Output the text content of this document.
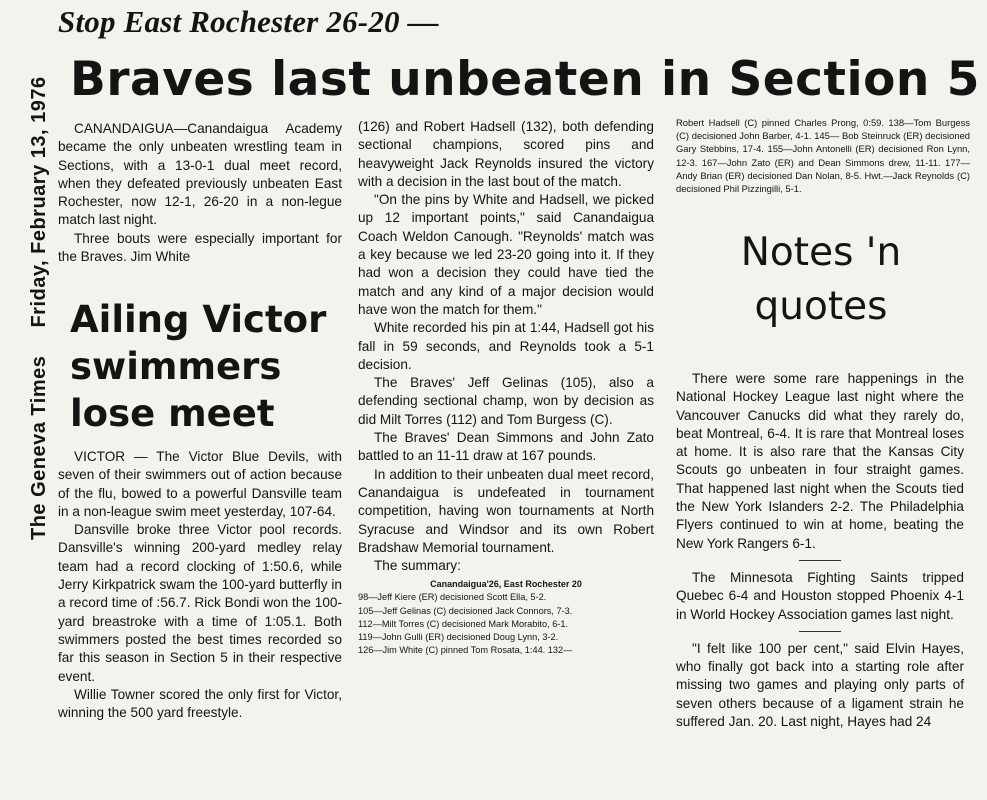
The Geneva Times Friday, February 13, 1976
Stop East Rochester 26-20 —
Braves last unbeaten in Section 5

CANANDAIGUA—Canandaigua Academy became the only unbeaten wrestling team in Sections, with a 13-0-1 dual meet record, when they defeated previously unbeaten East Rochester, now 12-1, 26-20 in a non-legue match last night.

Three bouts were especially important for the Braves. Jim White

Ailing Victor swimmers lose meet

VICTOR — The Victor Blue Devils, with seven of their swimmers out of action because of the flu, bowed to a powerful Dansville team in a non-league swim meet yesterday, 107-64.

Dansville broke three Victor pool records. Dansville's winning 200-yard medley relay team had a record clocking of 1:50.6, while Jerry Kirkpatrick swam the 100-yard butterfly in a record time of :56.7. Rick Bondi won the 100-yard breastroke with a time of 1:05.1. Both swimmers posted the best times recorded so far this season in Section 5 in their respective event.

Willie Towner scored the only first for Victor, winning the 500 yard freestyle.

(126) and Robert Hadsell (132), both defending sectional champions, scored pins and heavyweight Jack Reynolds insured the victory with a decision in the last bout of the match.

"On the pins by White and Hadsell, we picked up 12 important points," said Canandaigua Coach Weldon Canough. "Reynolds' match was a key because we led 23-20 going into it. If they had won a decision they could have tied the match and any kind of a major decision would have won the match for them."

White recorded his pin at 1:44, Hadsell got his fall in 59 seconds, and Reynolds took a 5-1 decision.

The Braves' Jeff Gelinas (105), also a defending sectional champ, won by decision as did Milt Torres (112) and Tom Burgess (C).

The Braves' Dean Simmons and John Zato battled to an 11-11 draw at 167 pounds.

In addition to their unbeaten dual meet record, Canandaigua is undefeated in tournament competition, having won tournaments at North Syracuse and Windsor and its own Robert Bradshaw Memorial tournament.

The summary:

Canandaigua'26, East Rochester 20

98—Jeff Kiere (ER) decisioned Scott Ella, 5-2.

105—Jeff Gelinas (C) decisioned Jack Connors, 7-3.

112—Milt Torres (C) decisioned Mark Morabito, 6-1.

119—John Gulli (ER) decisioned Doug Lynn, 3-2.

126—Jim White (C) pinned Tom Rosata, 1:44. 132—

Robert Hadsell (C) pinned Charles Prong, 0:59. 138—Tom Burgess (C) decisioned John Barber, 4-1. 145— Bob Steinruck (ER) decisioned Gary Stebbins, 17-4. 155—John Antonelli (ER) decisioned Ron Lynn, 12-3. 167—John Zato (ER) and Dean Simmons drew, 11-11. 177—Andy Brian (ER) decisioned Dan Nolan, 8-5. Hwt.—Jack Reynolds (C) decisioned Phil Pizzingilli, 5-1.

Notes 'n quotes

There were some rare happenings in the National Hockey League last night where the Vancouver Canucks did what they rarely do, beat Montreal, 6-4. It is rare that Montreal loses at home. It is also rare that the Kansas City Scouts go unbeaten in four straight games. That happened last night when the Scouts tied the New York Islanders 2-2. The Philadelphia Flyers continued to win at home, beating the New York Rangers 6-1.

The Minnesota Fighting Saints tripped Quebec 6-4 and Houston stopped Phoenix 4-1 in World Hockey Association games last night.

"I felt like 100 per cent," said Elvin Hayes, who finally got back into a starting role after missing two games and playing only parts of seven others because of a ligament strain he suffered Jan. 20. Last night, Hayes had 24
